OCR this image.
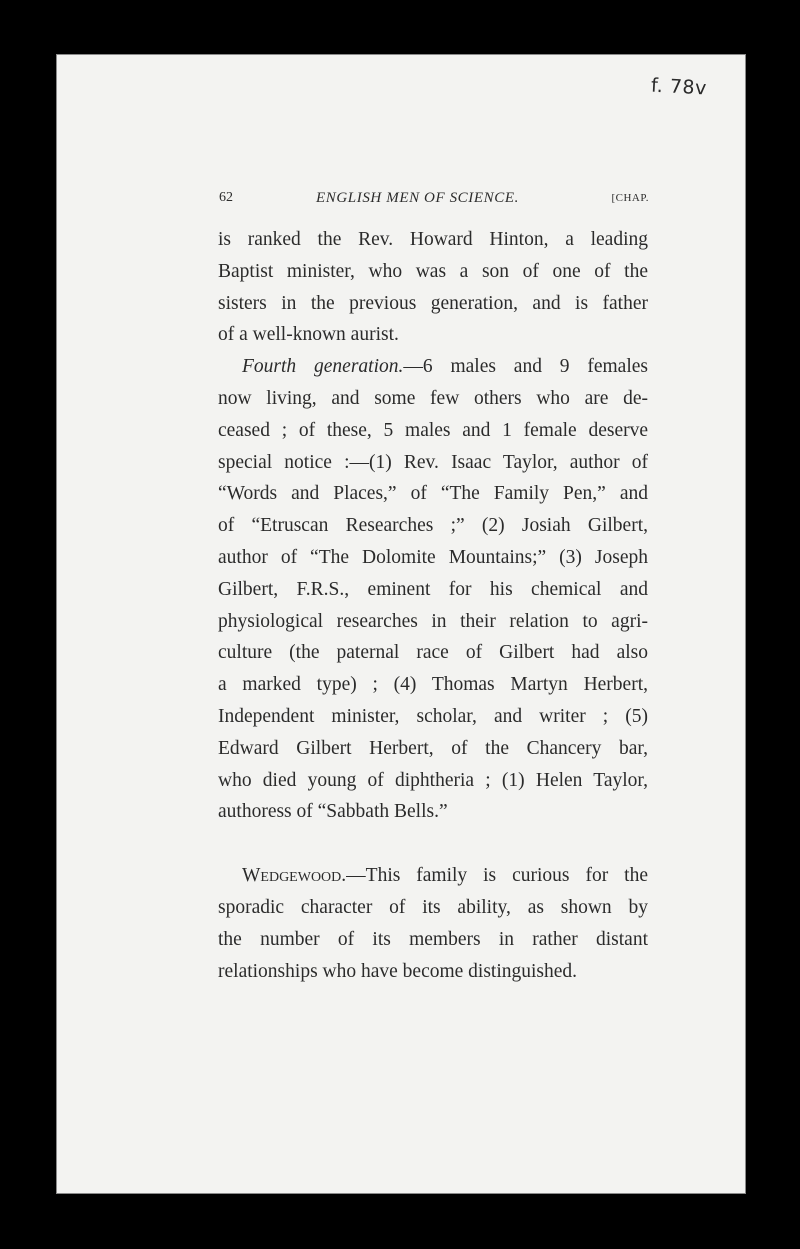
f. 78v
62	ENGLISH MEN OF SCIENCE.	[CHAP.
is ranked the Rev. Howard Hinton, a leading
Baptist minister, who was a son of one of the
sisters in the previous generation, and is father
of a well-known aurist.
Fourth generation.—6 males and 9 females
now living, and some few others who are de-
ceased ; of these, 5 males and 1 female deserve
special notice :—(1) Rev. Isaac Taylor, author of
“Words and Places,” of “The Family Pen,” and
of “Etruscan Researches ;” (2) Josiah Gilbert,
author of “The Dolomite Mountains;” (3) Joseph
Gilbert, F.R.S., eminent for his chemical and
physiological researches in their relation to agri-
culture (the paternal race of Gilbert had also
a marked type) ; (4) Thomas Martyn Herbert,
Independent minister, scholar, and writer ; (5)
Edward Gilbert Herbert, of the Chancery bar,
who died young of diphtheria ; (1) Helen Taylor,
authoress of “Sabbath Bells.”
Wedgewood.—This family is curious for the
sporadic character of its ability, as shown by
the number of its members in rather distant
relationships who have become distinguished.
